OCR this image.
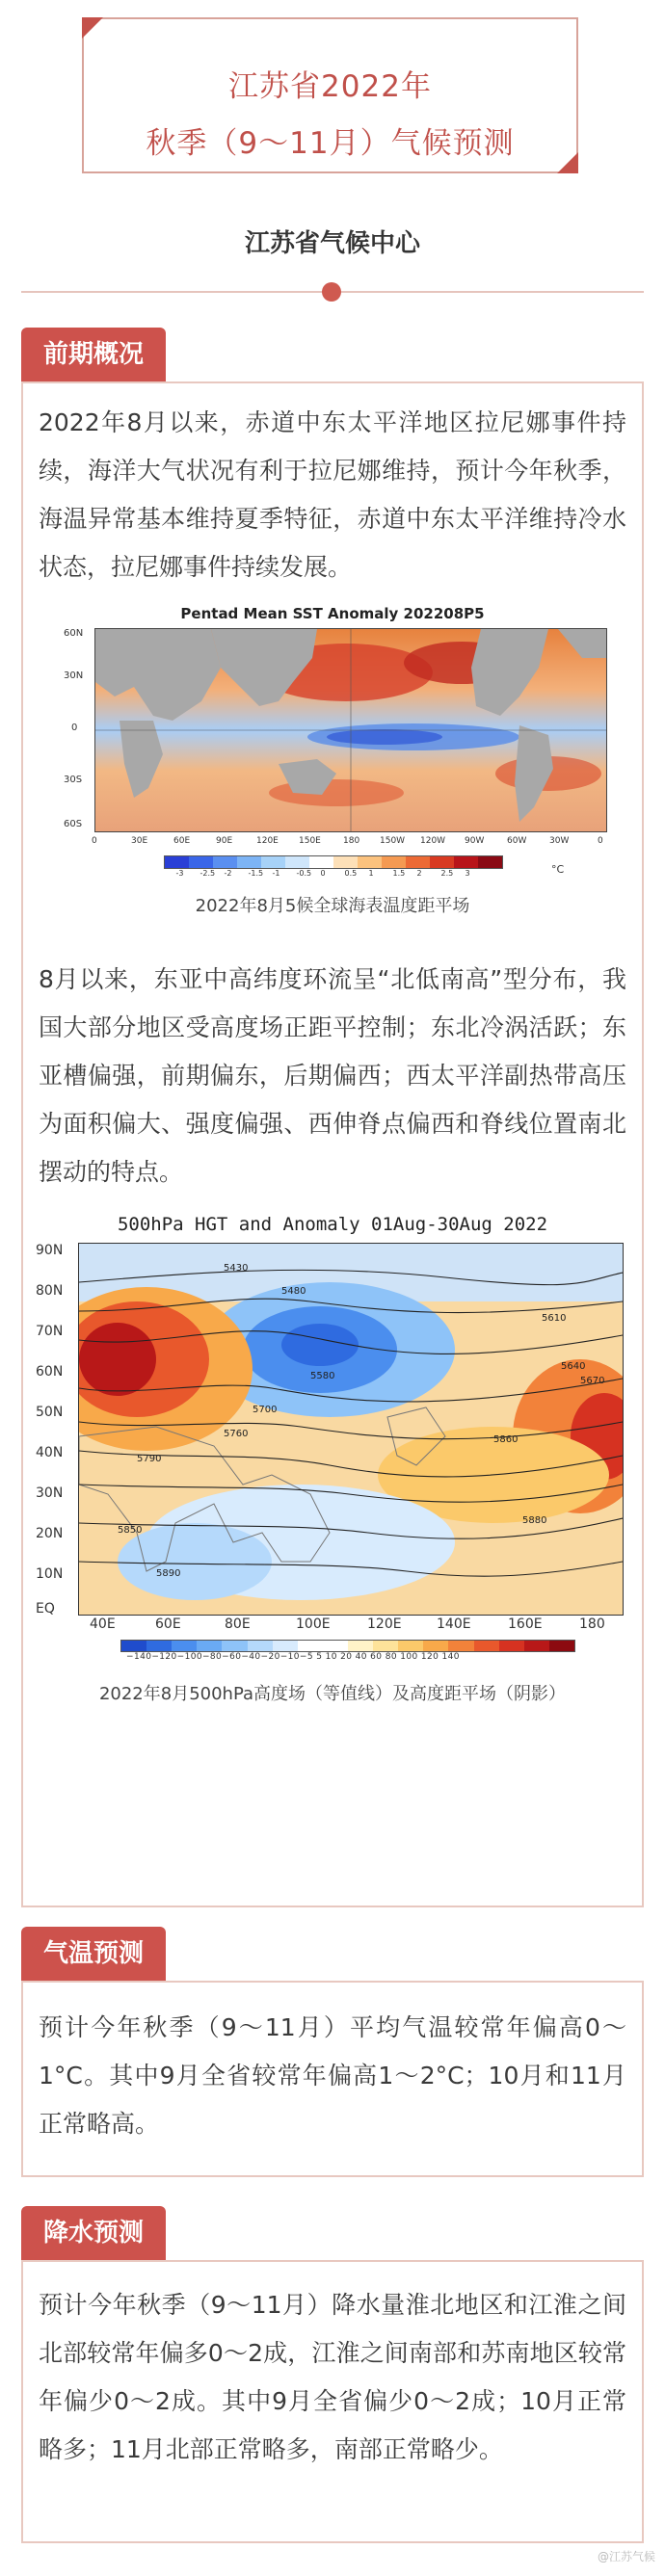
江苏省2022年
秋季（9～11月）气候预测
江苏省气候中心
前期概况

2022年8月以来，赤道中东太平洋地区拉尼娜事件持续，海洋大气状况有利于拉尼娜维持，预计今年秋季，海温异常基本维持夏季特征，赤道中东太平洋维持冷水状态，拉尼娜事件持续发展。

Pentad Mean SST Anomaly 202208P5
60N
30N
0
30S
60S
0	30E	60E	90E	120E 150E	180 150W 120W 90W	60W	30W	0
-3 -2.5 -2 -1.5 -1 -0.5 0 0.5 1 1.5 2 2.5 3	°C
2022年8月5候全球海表温度距平场

8月以来，东亚中高纬度环流呈“北低南高”型分布，我国大部分地区受高度场正距平控制；东北冷涡活跃；东亚槽偏强，前期偏东，后期偏西；西太平洋副热带高压为面积偏大、强度偏强、西伸脊点偏西和脊线位置南北摆动的特点。

500hPa HGT and Anomaly 01Aug-30Aug 2022
90N
80N
70N
60N
50N
40N
30N
20N
10N
EQ
5430
5480
5580
5700
5760
5790
5850
5860
5880
5890
5610
5640
5670
40E	60E	80E	100E	120E	140E	160E	180
−140−120−100−80−60−40−20−10−5 5 10 20 40 60 80 100 120 140
2022年8月500hPa高度场（等值线）及高度距平场（阴影）
气温预测

预计今年秋季（9～11月）平均气温较常年偏高0～1°C。其中9月全省较常年偏高1～2°C；10月和11月正常略高。

降水预测

预计今年秋季（9～11月）降水量淮北地区和江淮之间北部较常年偏多0～2成，江淮之间南部和苏南地区较常年偏少0～2成。其中9月全省偏少0～2成；10月正常略多；11月北部正常略多，南部正常略少。

@江苏气候
